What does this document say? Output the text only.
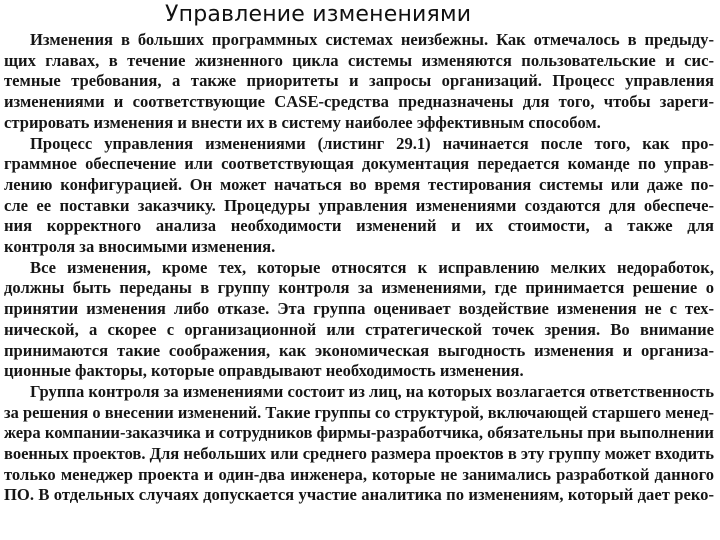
Управление изменениями
Изменения в больших программных системах неизбежны. Как отмечалось в предыду-
щих главах, в течение жизненного цикла системы изменяются пользовательские и сис-
темные требования, а также приоритеты и запросы организаций. Процесс управления
изменениями и соответствующие CASE-средства предназначены для того, чтобы зареги-
стрировать изменения и внести их в систему наиболее эффективным способом.
Процесс управления изменениями (листинг 29.1) начинается после того, как про-
граммное обеспечение или соответствующая документация передается команде по управ-
лению конфигурацией. Он может начаться во время тестирования системы или даже по-
сле ее поставки заказчику. Процедуры управления изменениями создаются для обеспече-
ния корректного анализа необходимости изменений и их стоимости, а также для
контроля за вносимыми изменения.
Все изменения, кроме тех, которые относятся к исправлению мелких недоработок,
должны быть переданы в группу контроля за изменениями, где принимается решение о
принятии изменения либо отказе. Эта группа оценивает воздействие изменения не с тех-
нической, а скорее с организационной или стратегической точек зрения. Во внимание
принимаются такие соображения, как экономическая выгодность изменения и организа-
ционные факторы, которые оправдывают необходимость изменения.
Группа контроля за изменениями состоит из лиц, на которых возлагается ответственность
за решения о внесении изменений. Такие группы со структурой, включающей старшего менед-
жера компании-заказчика и сотрудников фирмы-разработчика, обязательны при выполнении
военных проектов. Для небольших или среднего размера проектов в эту группу может входить
только менеджер проекта и один-два инженера, которые не занимались разработкой данного
ПО. В отдельных случаях допускается участие аналитика по изменениям, который дает реко-
